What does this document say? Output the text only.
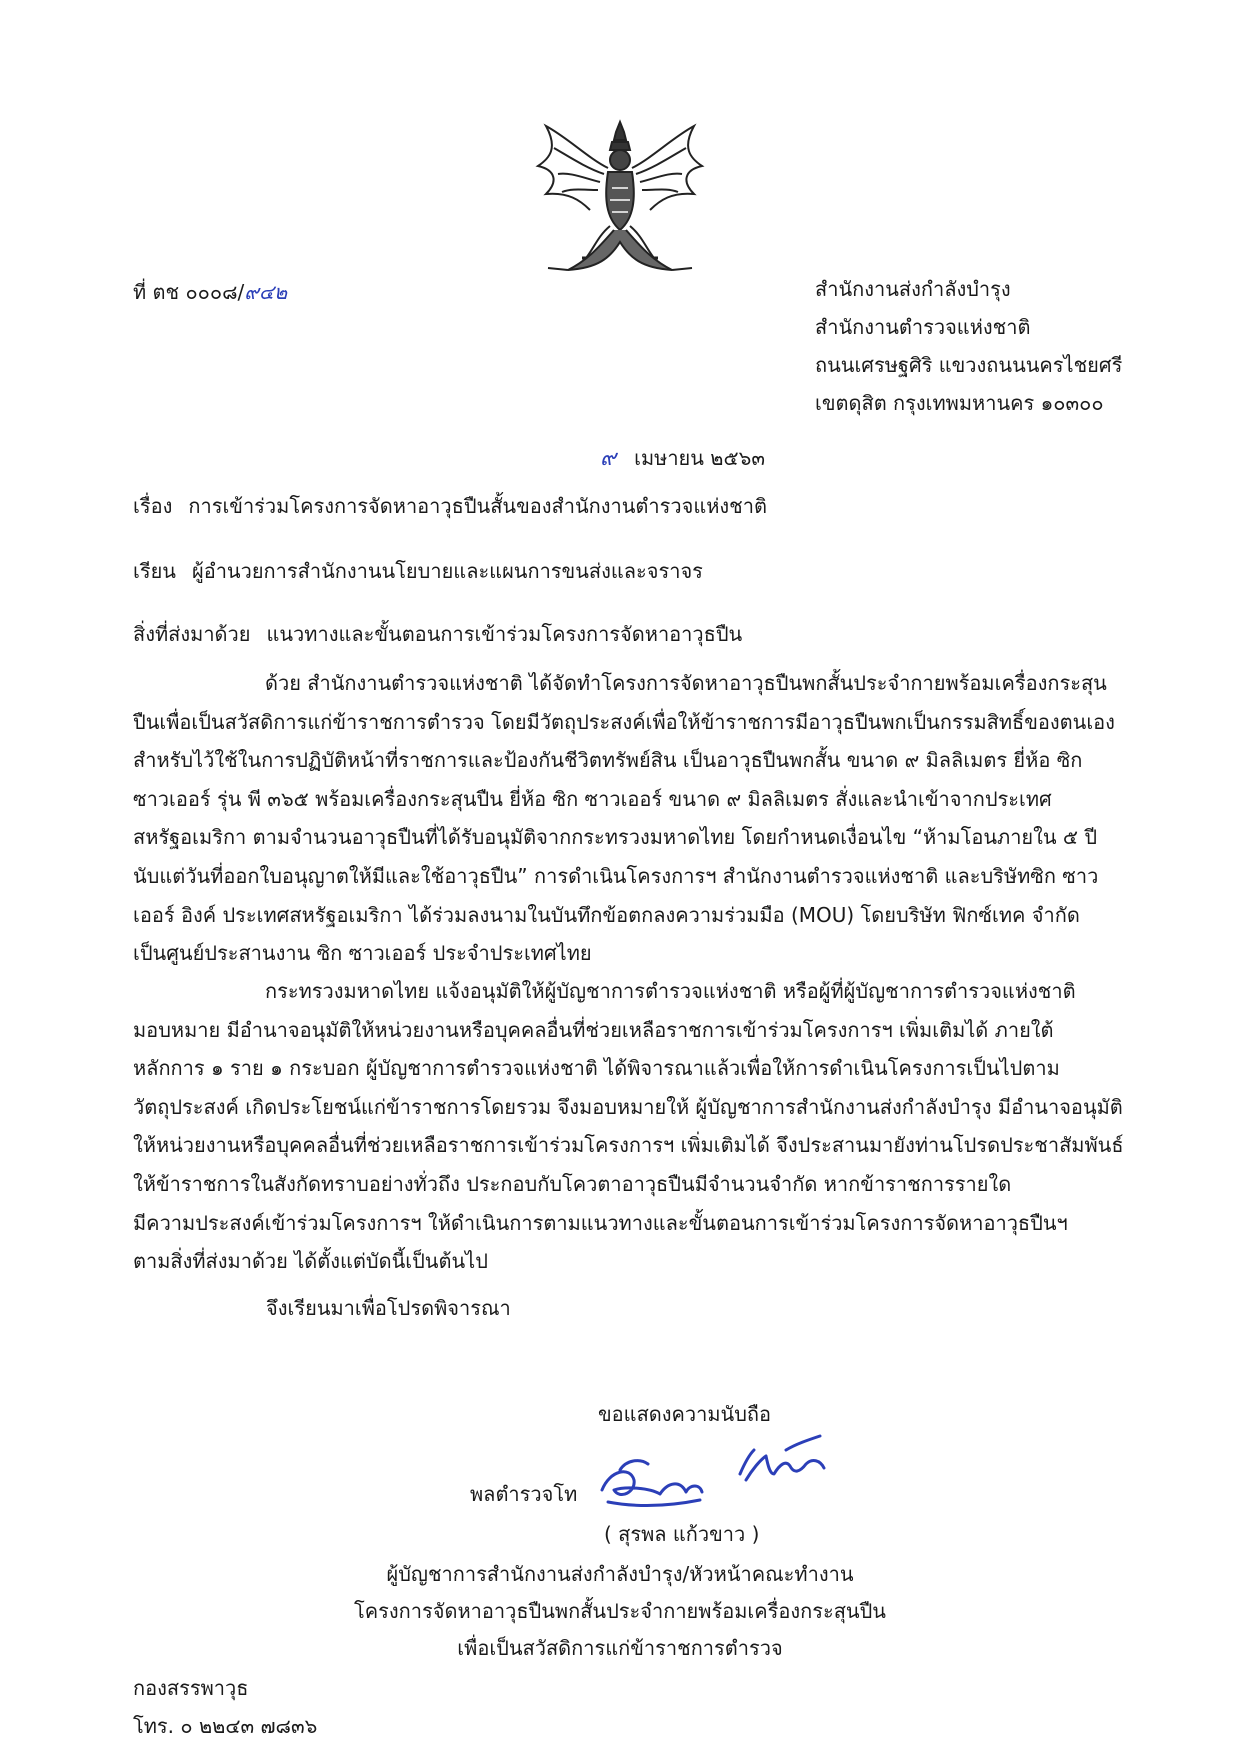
ที่ ตช ๐๐๐๘/๙๔๒	สำนักงานส่งกำลังบำรุง
สำนักงานตำรวจแห่งชาติ
ถนนเศรษฐศิริ แขวงถนนนครไชยศรี
เขตดุสิต กรุงเทพมหานคร ๑๐๓๐๐
๙ เมษายน ๒๕๖๓
เรื่อง การเข้าร่วมโครงการจัดหาอาวุธปืนสั้นของสำนักงานตำรวจแห่งชาติ
เรียน ผู้อำนวยการสำนักงานนโยบายและแผนการขนส่งและจราจร
สิ่งที่ส่งมาด้วย แนวทางและขั้นตอนการเข้าร่วมโครงการจัดหาอาวุธปืน
ด้วย สำนักงานตำรวจแห่งชาติ ได้จัดทำโครงการจัดหาอาวุธปืนพกสั้นประจำกายพร้อมเครื่องกระสุน
ปืนเพื่อเป็นสวัสดิการแก่ข้าราชการตำรวจ โดยมีวัตถุประสงค์เพื่อให้ข้าราชการมีอาวุธปืนพกเป็นกรรมสิทธิ์ของตนเอง
สำหรับไว้ใช้ในการปฏิบัติหน้าที่ราชการและป้องกันชีวิตทรัพย์สิน เป็นอาวุธปืนพกสั้น ขนาด ๙ มิลลิเมตร ยี่ห้อ ซิก
ซาวเออร์ รุ่น พี ๓๖๕ พร้อมเครื่องกระสุนปืน ยี่ห้อ ซิก ซาวเออร์ ขนาด ๙ มิลลิเมตร สั่งและนำเข้าจากประเทศ
สหรัฐอเมริกา ตามจำนวนอาวุธปืนที่ได้รับอนุมัติจากกระทรวงมหาดไทย โดยกำหนดเงื่อนไข “ห้ามโอนภายใน ๕ ปี
นับแต่วันที่ออกใบอนุญาตให้มีและใช้อาวุธปืน” การดำเนินโครงการฯ สำนักงานตำรวจแห่งชาติ และบริษัทซิก ซาว
เออร์ อิงค์ ประเทศสหรัฐอเมริกา ได้ร่วมลงนามในบันทึกข้อตกลงความร่วมมือ (MOU) โดยบริษัท ฟิกซ์เทค จำกัด
เป็นศูนย์ประสานงาน ซิก ซาวเออร์ ประจำประเทศไทย
กระทรวงมหาดไทย แจ้งอนุมัติให้ผู้บัญชาการตำรวจแห่งชาติ หรือผู้ที่ผู้บัญชาการตำรวจแห่งชาติ
มอบหมาย มีอำนาจอนุมัติให้หน่วยงานหรือบุคคลอื่นที่ช่วยเหลือราชการเข้าร่วมโครงการฯ เพิ่มเติมได้ ภายใต้
หลักการ ๑ ราย ๑ กระบอก ผู้บัญชาการตำรวจแห่งชาติ ได้พิจารณาแล้วเพื่อให้การดำเนินโครงการเป็นไปตาม
วัตถุประสงค์ เกิดประโยชน์แก่ข้าราชการโดยรวม จึงมอบหมายให้ ผู้บัญชาการสำนักงานส่งกำลังบำรุง มีอำนาจอนุมัติ
ให้หน่วยงานหรือบุคคลอื่นที่ช่วยเหลือราชการเข้าร่วมโครงการฯ เพิ่มเติมได้ จึงประสานมายังท่านโปรดประชาสัมพันธ์
ให้ข้าราชการในสังกัดทราบอย่างทั่วถึง ประกอบกับโควตาอาวุธปืนมีจำนวนจำกัด หากข้าราชการรายใด
มีความประสงค์เข้าร่วมโครงการฯ ให้ดำเนินการตามแนวทางและขั้นตอนการเข้าร่วมโครงการจัดหาอาวุธปืนฯ
ตามสิ่งที่ส่งมาด้วย ได้ตั้งแต่บัดนี้เป็นต้นไป
จึงเรียนมาเพื่อโปรดพิจารณา
ขอแสดงความนับถือ
พลตำรวจโท
( สุรพล แก้วขาว )
ผู้บัญชาการสำนักงานส่งกำลังบำรุง/หัวหน้าคณะทำงาน
โครงการจัดหาอาวุธปืนพกสั้นประจำกายพร้อมเครื่องกระสุนปืน
เพื่อเป็นสวัสดิการแก่ข้าราชการตำรวจ
กองสรรพาวุธ
โทร. ๐ ๒๒๔๓ ๗๘๓๖
